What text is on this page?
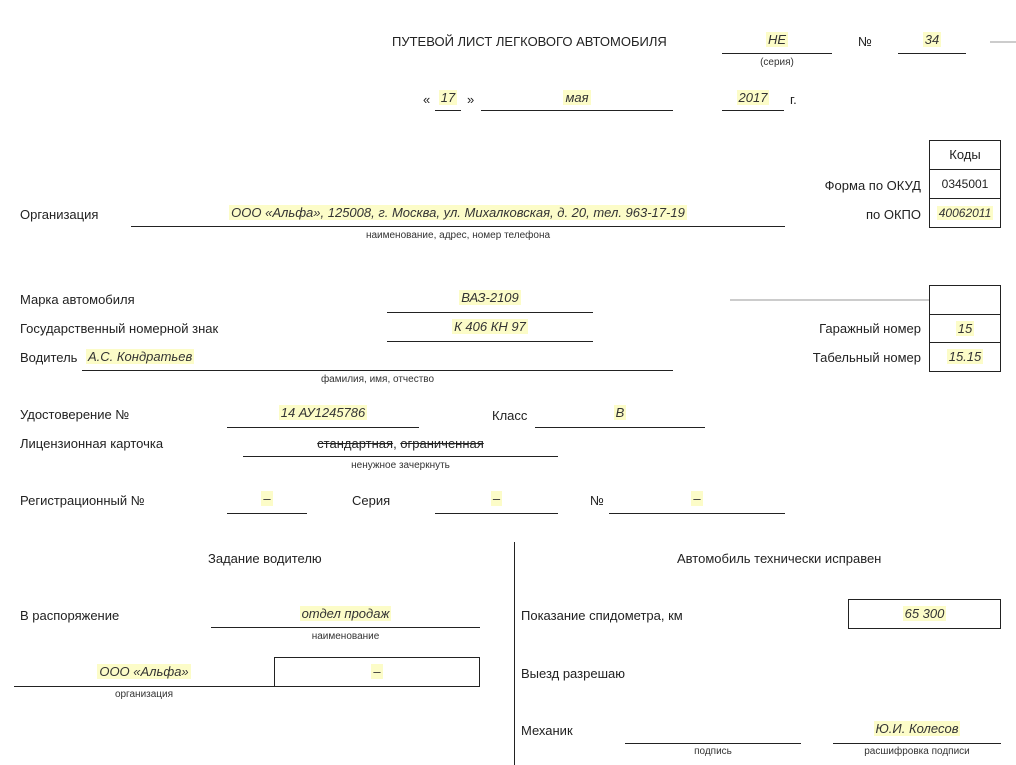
ПУТЕВОЙ ЛИСТ ЛЕГКОВОГО АВТОМОБИЛЯ	НЕ
(серия)
№	34
« 17 »	мая	2017	г.
Коды
Форма по ОКУД	0345001
по ОКПО	40062011
Организация	ООО «Альфа», 125008, г. Москва, ул. Михалковская, д. 20, тел. 963-17-19
наименование, адрес, номер телефона
Марка автомобиля	ВАЗ-2109
Государственный номерной знак	К 406 КН 97	Гаражный номер	15
Водитель А.С. Кондратьев
фамилия, имя, отчество
Табельный номер	15.15
Удостоверение №	14 АУ1245786	Класс	В
Лицензионная карточка	стандартная, ограниченная
ненужное зачеркнуть
Регистрационный №	–	Серия	–	№	–
Задание водителю
В распоряжение	отдел продаж
наименование
ООО «Альфа»	–
организация
Автомобиль технически исправен
Показание спидометра, км	65 300
Выезд разрешаю
Механик
подпись
Ю.И. Колесов
расшифровка подписи
